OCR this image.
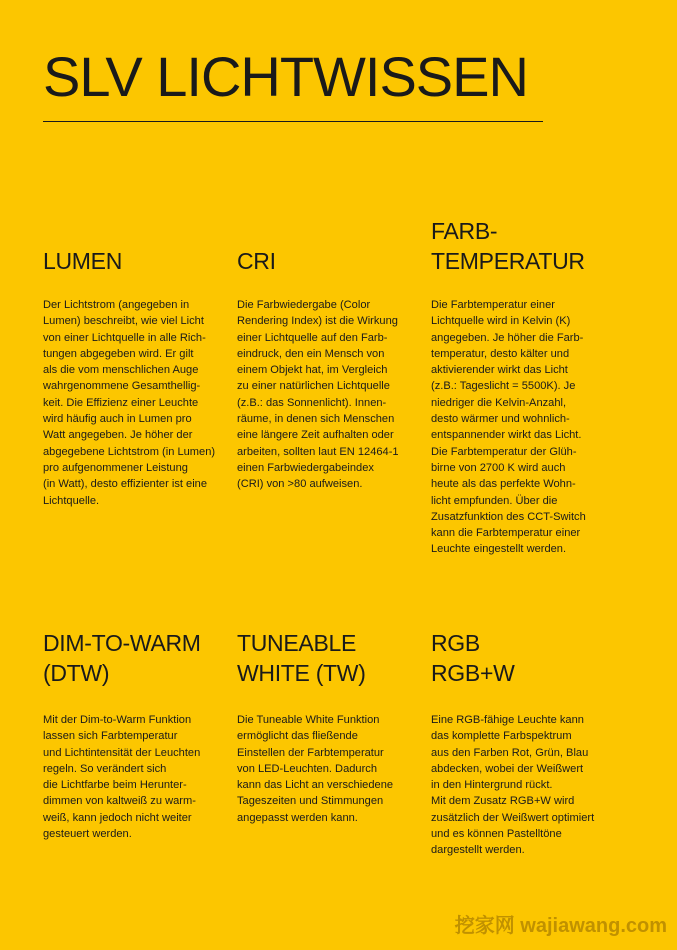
SLV LICHTWISSEN
LUMEN

Der Lichtstrom (angegeben in
Lumen) beschreibt, wie viel Licht
von einer Lichtquelle in alle Rich-
tungen abgegeben wird. Er gilt
als die vom menschlichen Auge
wahrgenommene Gesamthellig-
keit. Die Effizienz einer Leuchte
wird häufig auch in Lumen pro
Watt angegeben. Je höher der
abgegebene Lichtstrom (in Lumen)
pro aufgenommener Leistung
(in Watt), desto effizienter ist eine
Lichtquelle.

CRI

Die Farbwiedergabe (Color
Rendering Index) ist die Wirkung
einer Lichtquelle auf den Farb-
eindruck, den ein Mensch von
einem Objekt hat, im Vergleich
zu einer natürlichen Lichtquelle
(z.B.: das Sonnenlicht). Innen-
räume, in denen sich Menschen
eine längere Zeit aufhalten oder
arbeiten, sollten laut EN 12464-1
einen Farbwiedergabeindex
(CRI) von >80 aufweisen.

FARB-
TEMPERATUR

Die Farbtemperatur einer
Lichtquelle wird in Kelvin (K)
angegeben. Je höher die Farb-
temperatur, desto kälter und
aktivierender wirkt das Licht
(z.B.: Tageslicht = 5500K). Je
niedriger die Kelvin-Anzahl,
desto wärmer und wohnlich-
entspannender wirkt das Licht.
Die Farbtemperatur der Glüh-
birne von 2700 K wird auch
heute als das perfekte Wohn-
licht empfunden. Über die
Zusatzfunktion des CCT-Switch
kann die Farbtemperatur einer
Leuchte eingestellt werden.

DIM-TO-WARM
(DTW)

Mit der Dim-to-Warm Funktion
lassen sich Farbtemperatur
und Lichtintensität der Leuchten
regeln. So verändert sich
die Lichtfarbe beim Herunter-
dimmen von kaltweiß zu warm-
weiß, kann jedoch nicht weiter
gesteuert werden.

TUNEABLE
WHITE (TW)

Die Tuneable White Funktion
ermöglicht das fließende
Einstellen der Farbtemperatur
von LED-Leuchten. Dadurch
kann das Licht an verschiedene
Tageszeiten und Stimmungen
angepasst werden kann.

RGB
RGB+W

Eine RGB-fähige Leuchte kann
das komplette Farbspektrum
aus den Farben Rot, Grün, Blau
abdecken, wobei der Weißwert
in den Hintergrund rückt.
Mit dem Zusatz RGB+W wird
zusätzlich der Weißwert optimiert
und es können Pastelltöne
dargestellt werden.

挖家网 wajiawang.com
